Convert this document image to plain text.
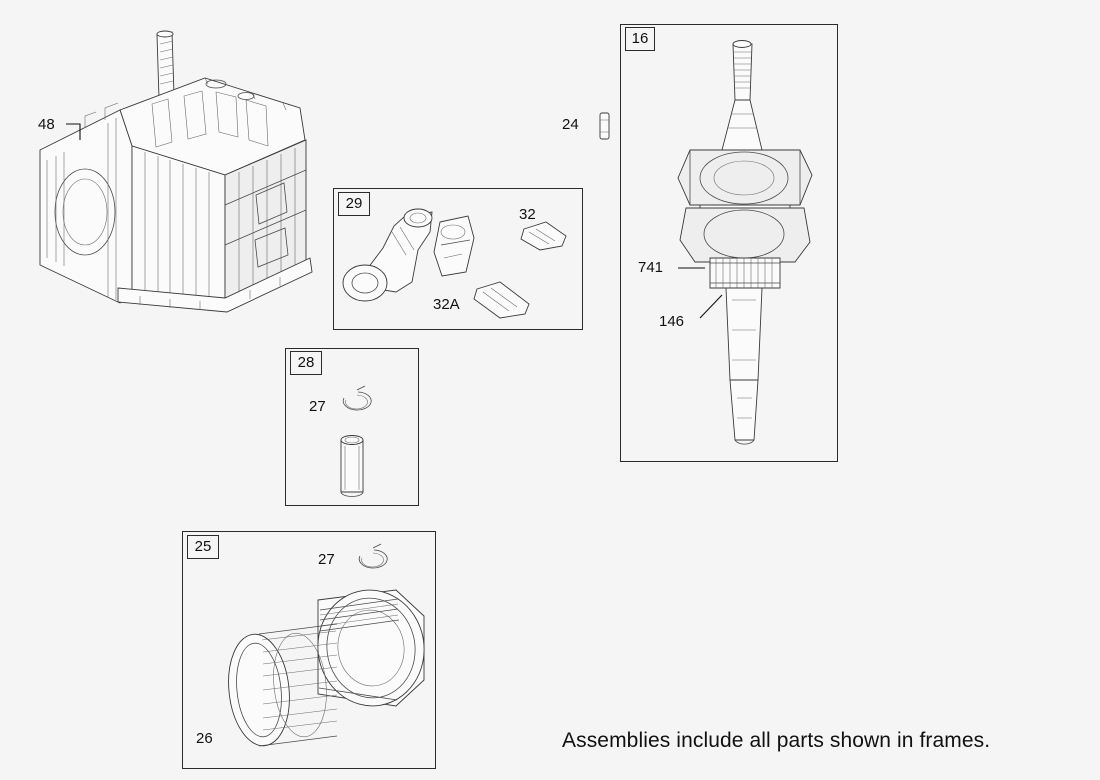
16
29
28
25
48	24
741
146
32
32A
27
27
26	Assemblies include all parts shown in frames.
